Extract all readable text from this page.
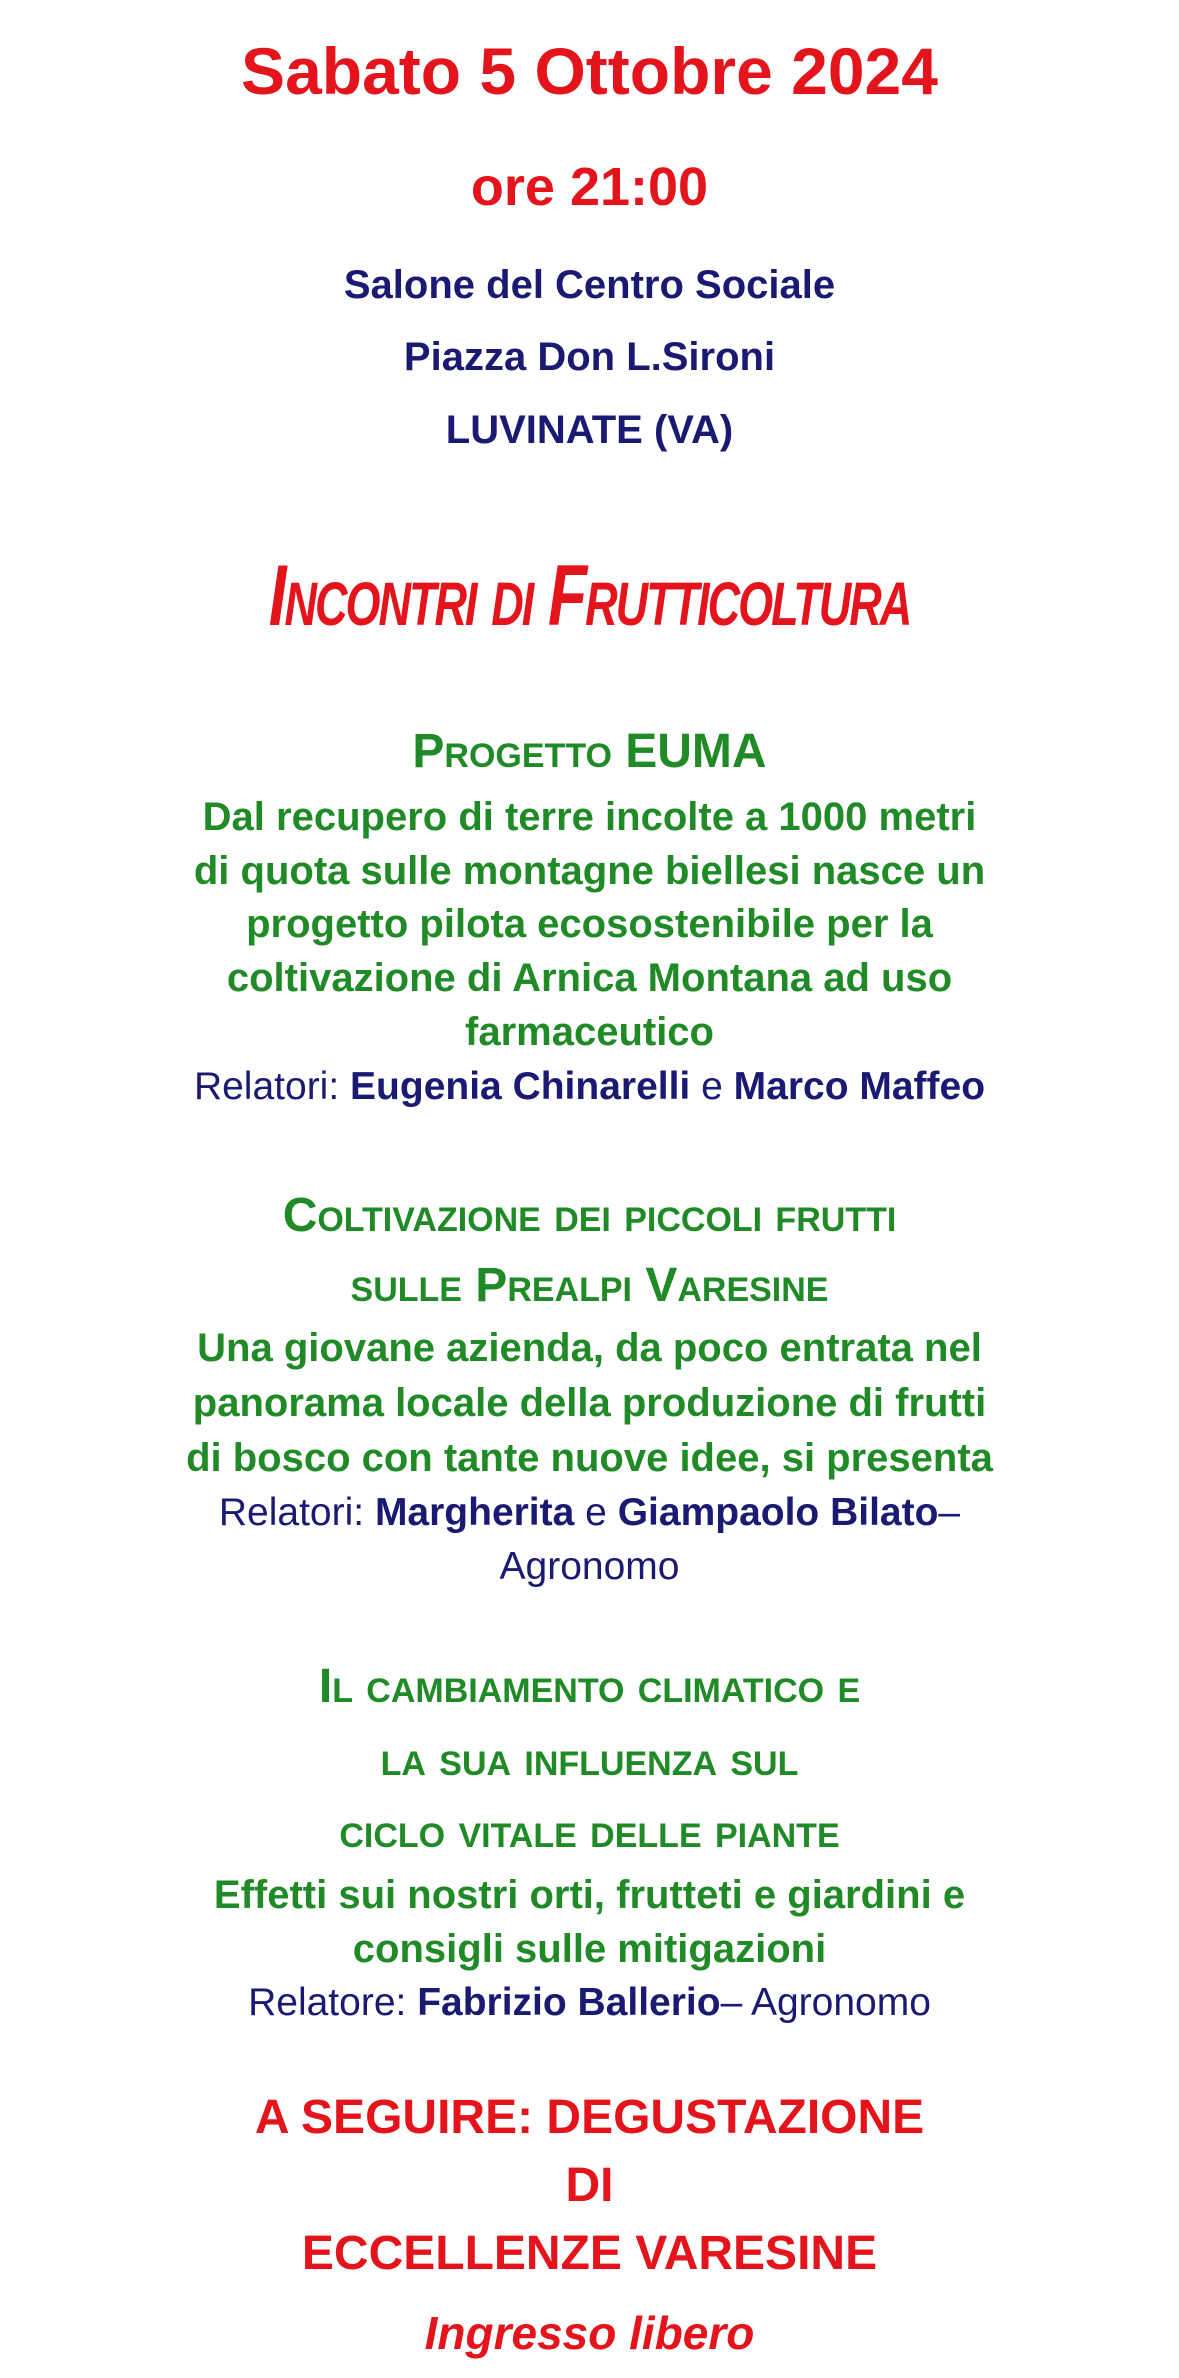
Sabato 5 Ottobre 2024

ore 21:00

Salone del Centro Sociale

Piazza Don L.Sironi

LUVINATE (VA)

Incontri di Frutticoltura

Progetto EUMA

Dal recupero di terre incolte a 1000 metri

di quota sulle montagne biellesi nasce un

progetto pilota ecosostenibile per la

coltivazione di Arnica Montana ad uso

farmaceutico

Relatori: Eugenia Chinarelli e Marco Maffeo

Coltivazione dei piccoli frutti

sulle Prealpi Varesine

Una giovane azienda, da poco entrata nel

panorama locale della produzione di frutti

di bosco con tante nuove idee, si presenta

Relatori: Margherita e Giampaolo Bilato–

Agronomo

Il cambiamento climatico e

la sua influenza sul

ciclo vitale delle piante

Effetti sui nostri orti, frutteti e giardini e

consigli sulle mitigazioni

Relatore: Fabrizio Ballerio– Agronomo

A SEGUIRE: DEGUSTAZIONE

DI

ECCELLENZE VARESINE

Ingresso libero
